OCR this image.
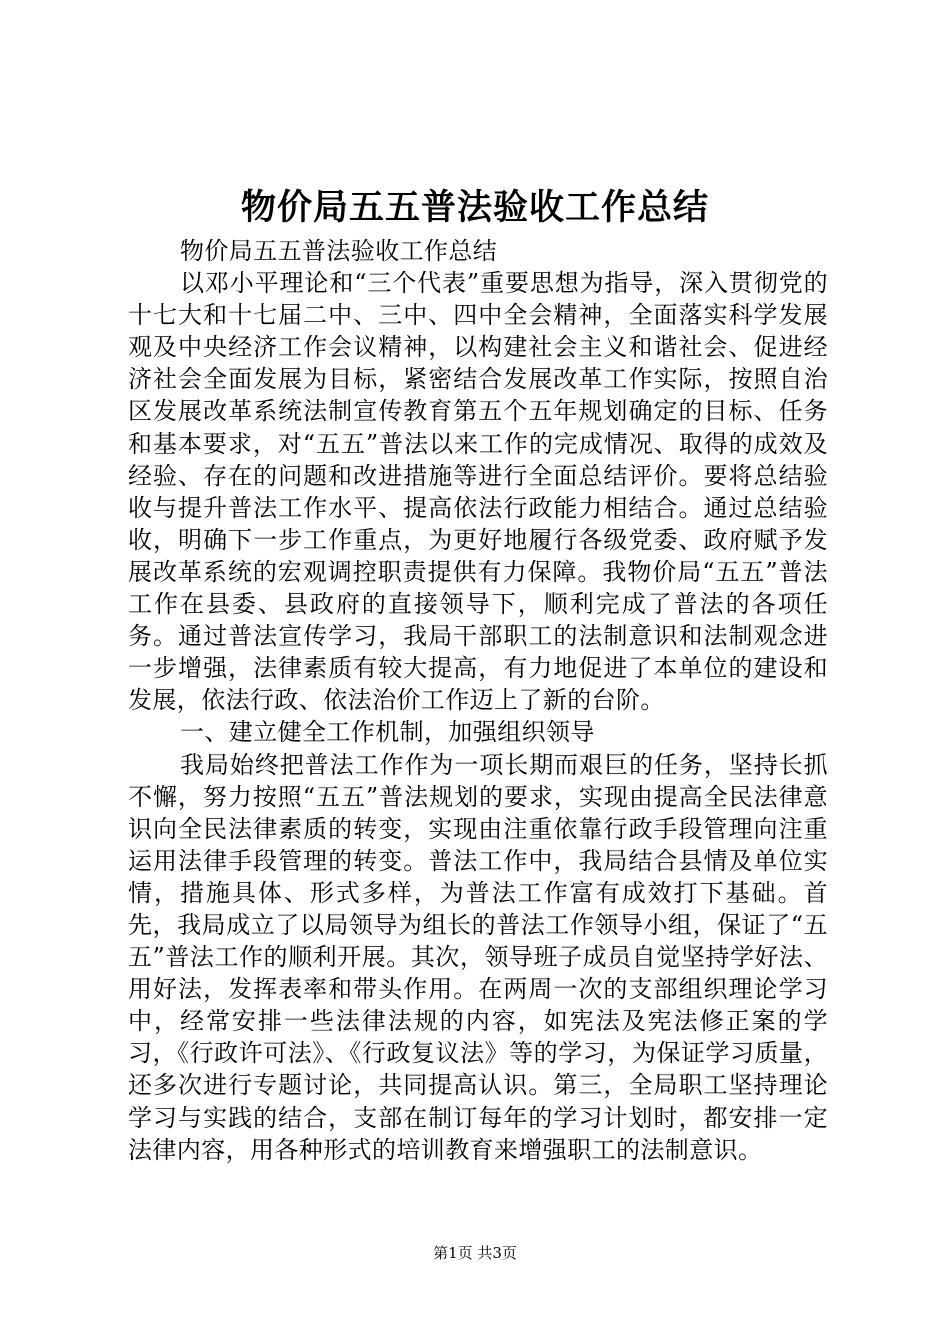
物价局五五普法验收工作总结

物价局五五普法验收工作总结

以邓小平理论和“三个代表”重要思想为指导，深入贯彻党的十七大和十七届二中、三中、四中全会精神，全面落实科学发展观及中央经济工作会议精神，以构建社会主义和谐社会、促进经济社会全面发展为目标，紧密结合发展改革工作实际，按照自治区发展改革系统法制宣传教育第五个五年规划确定的目标、任务和基本要求，对“五五”普法以来工作的完成情况、取得的成效及经验、存在的问题和改进措施等进行全面总结评价。要将总结验收与提升普法工作水平、提高依法行政能力相结合。通过总结验收，明确下一步工作重点，为更好地履行各级党委、政府赋予发展改革系统的宏观调控职责提供有力保障。我物价局“五五”普法工作在县委、县政府的直接领导下，顺利完成了普法的各项任务。通过普法宣传学习，我局干部职工的法制意识和法制观念进一步增强，法律素质有较大提高，有力地促进了本单位的建设和发展，依法行政、依法治价工作迈上了新的台阶。

一、建立健全工作机制，加强组织领导

我局始终把普法工作作为一项长期而艰巨的任务，坚持长抓不懈，努力按照“五五”普法规划的要求，实现由提高全民法律意识向全民法律素质的转变，实现由注重依靠行政手段管理向注重运用法律手段管理的转变。普法工作中，我局结合县情及单位实情，措施具体、形式多样，为普法工作富有成效打下基础。首先，我局成立了以局领导为组长的普法工作领导小组，保证了“五五”普法工作的顺利开展。其次，领导班子成员自觉坚持学好法、用好法，发挥表率和带头作用。在两周一次的支部组织理论学习中，经常安排一些法律法规的内容，如宪法及宪法修正案的学习，《行政许可法》、《行政复议法》等的学习，为保证学习质量，还多次进行专题讨论，共同提高认识。第三，全局职工坚持理论学习与实践的结合，支部在制订每年的学习计划时，都安排一定法律内容，用各种形式的培训教育来增强职工的法制意识。

第1页 共3页
